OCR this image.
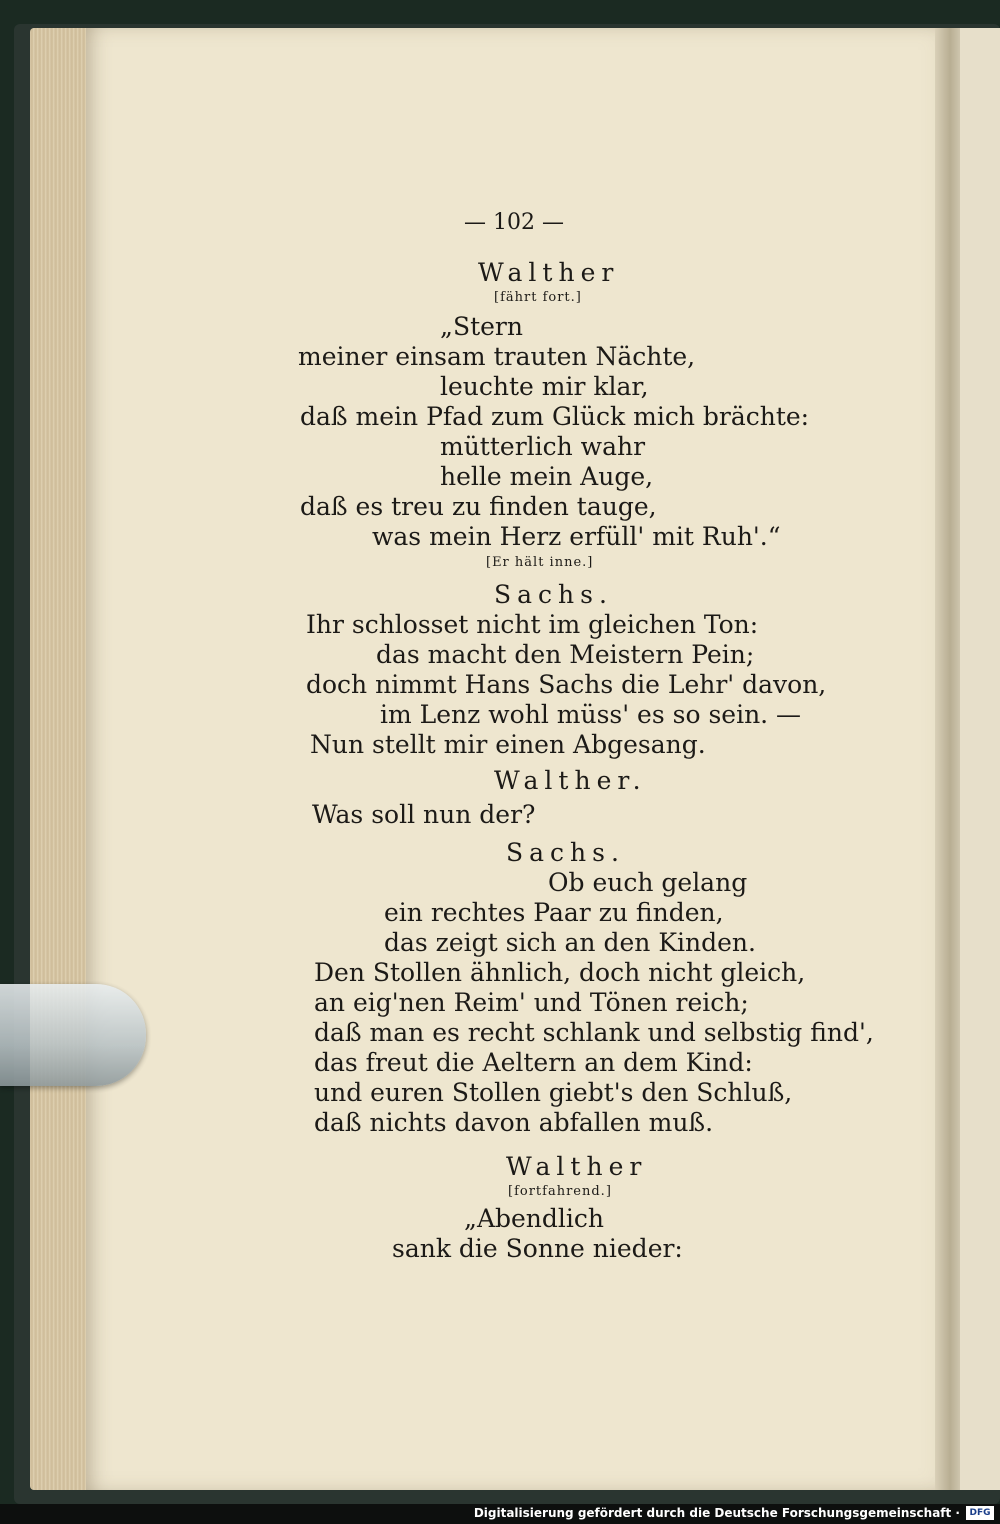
— 102 —
Walther
[fährt fort.]
„Stern
meiner einsam trauten Nächte,
leuchte mir klar,
daß mein Pfad zum Glück mich brächte:
mütterlich wahr
helle mein Auge,
daß es treu zu finden tauge,
was mein Herz erfüll' mit Ruh'.“
[Er hält inne.]
Sachs.
Ihr schlosset nicht im gleichen Ton:
das macht den Meistern Pein;
doch nimmt Hans Sachs die Lehr' davon,
im Lenz wohl müss' es so sein. —
Nun stellt mir einen Abgesang.
Walther.
Was soll nun der?
Sachs.
Ob euch gelang
ein rechtes Paar zu finden,
das zeigt sich an den Kinden.
Den Stollen ähnlich, doch nicht gleich,
an eig'nen Reim' und Tönen reich;
daß man es recht schlank und selbstig find',
das freut die Aeltern an dem Kind:
und euren Stollen giebt's den Schluß,
daß nichts davon abfallen muß.
Walther
[fortfahrend.]
„Abendlich
sank die Sonne nieder:
Digitalisierung gefördert durch die Deutsche Forschungsgemeinschaft ·	DFG
